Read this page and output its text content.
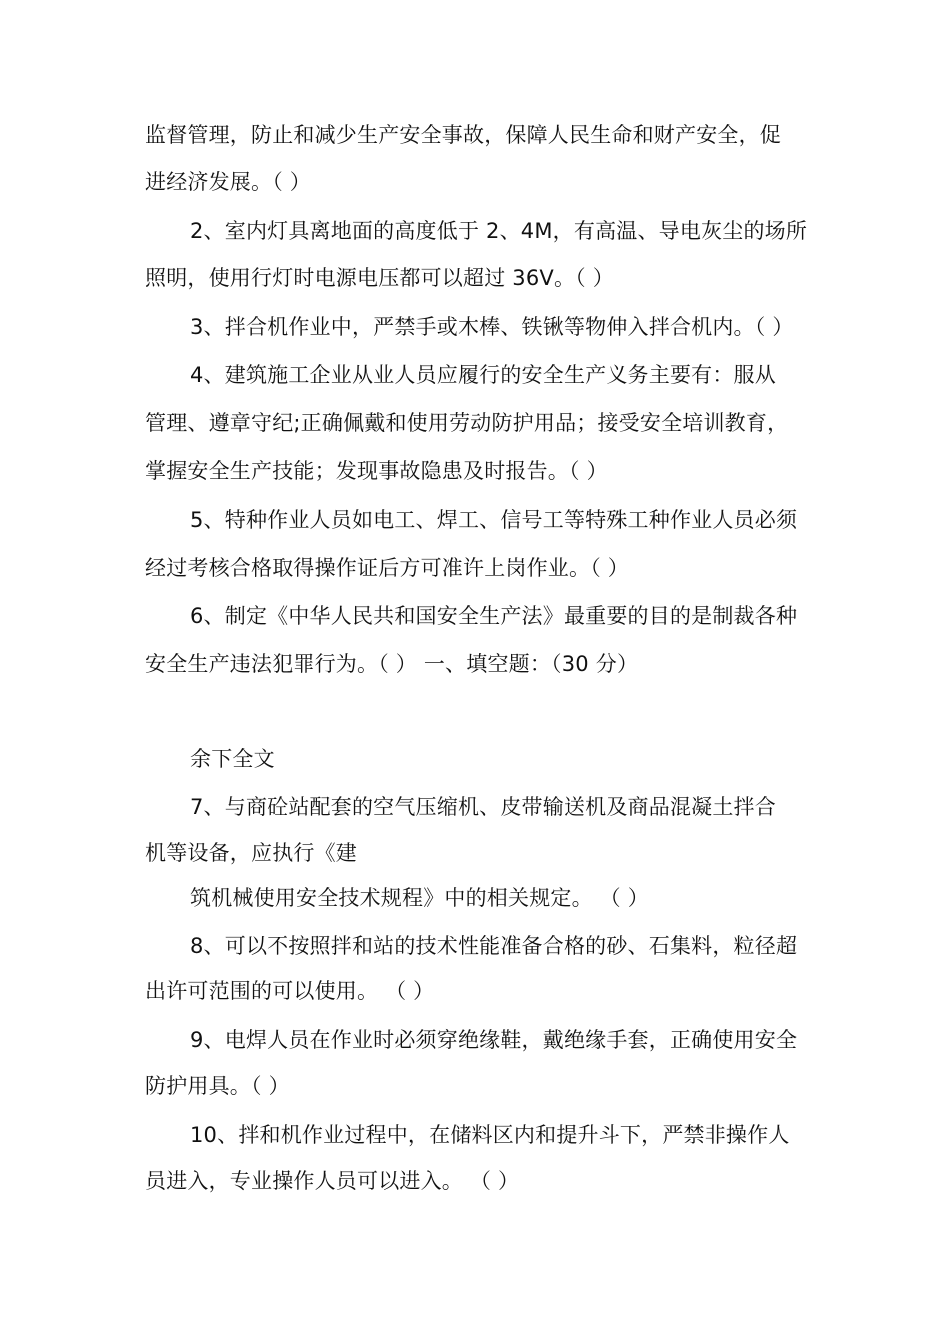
监督管理，防止和减少生产安全事故，保障人民生命和财产安全，促
进经济发展。（ ）
2、室内灯具离地面的高度低于 2、4M，有高温、导电灰尘的场所
照明，使用行灯时电源电压都可以超过 36V。（ ）
3、拌合机作业中，严禁手或木棒、铁锹等物伸入拌合机内。（ ）
4、建筑施工企业从业人员应履行的安全生产义务主要有：服从
管理、遵章守纪;正确佩戴和使用劳动防护用品；接受安全培训教育，
掌握安全生产技能；发现事故隐患及时报告。（ ）
5、特种作业人员如电工、焊工、信号工等特殊工种作业人员必须
经过考核合格取得操作证后方可准许上岗作业。（ ）
6、制定《中华人民共和国安全生产法》最重要的目的是制裁各种
安全生产违法犯罪行为。（ ） 一、填空题：（30 分）
余下全文
7、与商砼站配套的空气压缩机、皮带输送机及商品混凝土拌合
机等设备，应执行《建
筑机械使用安全技术规程》中的相关规定。 （ ）
8、可以不按照拌和站的技术性能准备合格的砂、石集料，粒径超
出许可范围的可以使用。 （ ）
9、电焊人员在作业时必须穿绝缘鞋，戴绝缘手套，正确使用安全
防护用具。（ ）
10、拌和机作业过程中，在储料区内和提升斗下，严禁非操作人
员进入，专业操作人员可以进入。 （ ）
